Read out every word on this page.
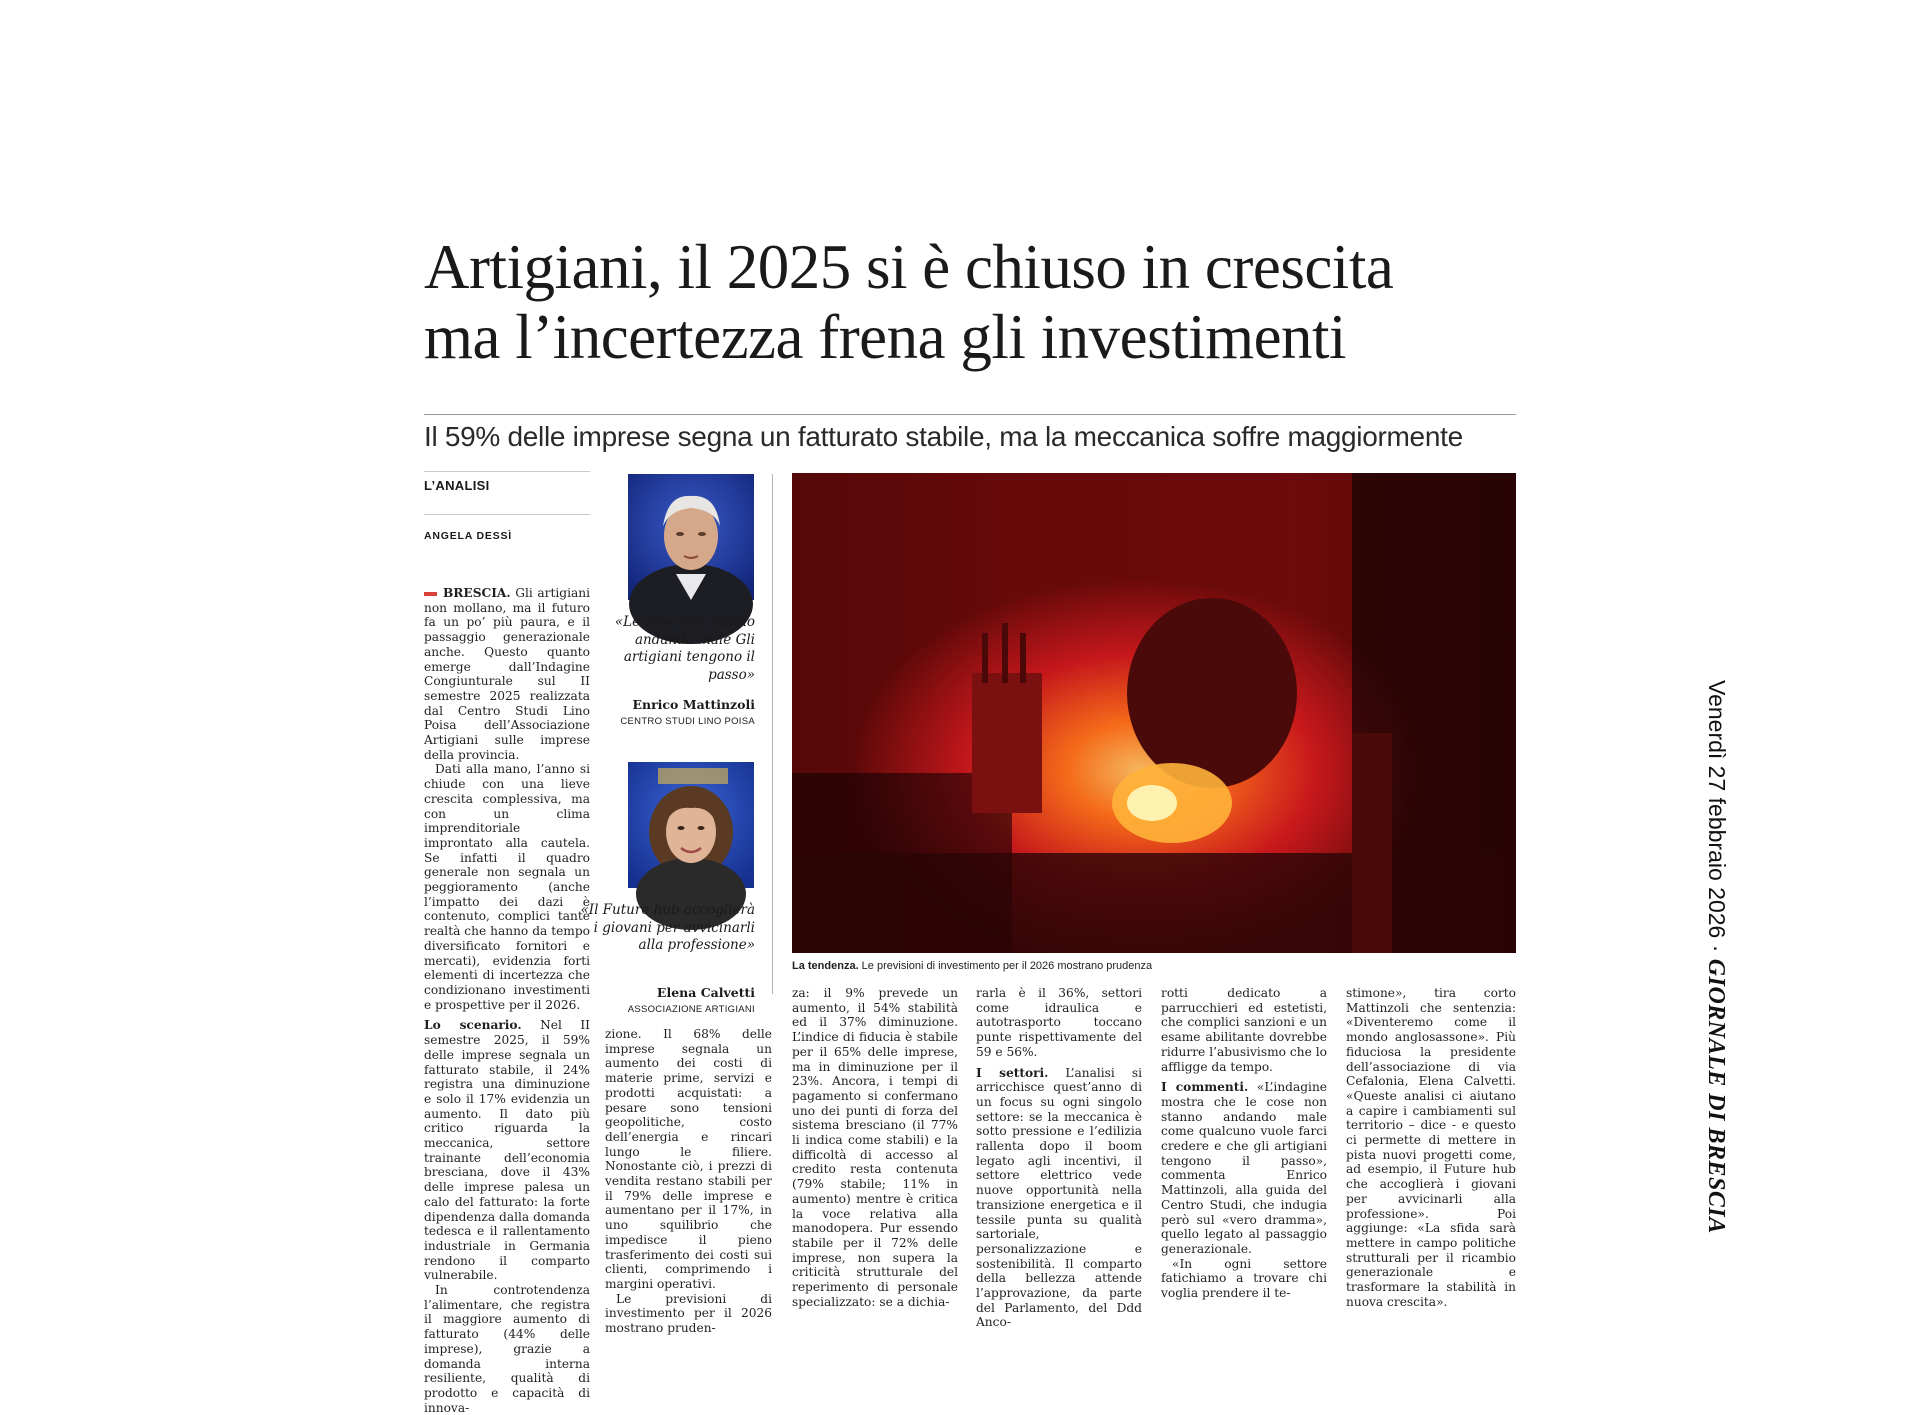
Artigiani, il 2025 si è chiuso in crescita
ma l’incertezza frena gli investimenti
Il 59% delle imprese segna un fatturato stabile, ma la meccanica soffre maggiormente
L’ANALISI
ANGELA DESSÌ

BRESCIA. Gli artigiani non mollano, ma il futuro fa un po’ più paura, e il passaggio generazionale anche. Questo quanto emerge dall’Indagine Congiunturale sul II semestre 2025 realizzata dal Centro Studi Lino Poisa dell’Associazione Artigiani sulle imprese della provincia.

Dati alla mano, l’anno si chiude con una lieve crescita complessiva, ma con un clima imprenditoriale improntato alla cautela. Se infatti il quadro generale non segnala un peggioramento (anche l’impatto dei dazi è contenuto, complici tante realtà che hanno da tempo diversificato fornitori e mercati), evidenzia forti elementi di incertezza che condizionano investimenti e prospettive per il 2026.

Lo scenario. Nel II semestre 2025, il 59% delle imprese segnala un fatturato stabile, il 24% registra una diminuzione e solo il 17% evidenzia un aumento. Il dato più critico riguarda la meccanica, settore trainante dell’economia bresciana, dove il 43% delle imprese palesa un calo del fatturato: la forte dipendenza dalla domanda tedesca e il rallentamento industriale in Germania rendono il comparto vulnerabile.

In controtendenza l’alimentare, che registra il maggiore aumento di fatturato (44% delle imprese), grazie a domanda interna resiliente, qualità di prodotto e capacità di innova-

«Le cose non stanno andando male Gli artigiani tengono il passo»
Enrico Mattinzoli
CENTRO STUDI LINO POISA
«Il Future hub accoglierà i giovani per avvicinarli alla professione»
Elena Calvetti
ASSOCIAZIONE ARTIGIANI
La tendenza. Le previsioni di investimento per il 2026 mostrano prudenza

zione. Il 68% delle imprese segnala un aumento dei costi di materie prime, servizi e prodotti acquistati: a pesare sono tensioni geopolitiche, costo dell’energia e rincari lungo le filiere. Nonostante ciò, i prezzi di vendita restano stabili per il 79% delle imprese e aumentano per il 17%, in uno squilibrio che impedisce il pieno trasferimento dei costi sui clienti, comprimendo i margini operativi.

Le previsioni di investimento per il 2026 mostrano pruden-

za: il 9% prevede un aumento, il 54% stabilità ed il 37% diminuzione. L’indice di fiducia è stabile per il 65% delle imprese, ma in diminuzione per il 23%. Ancora, i tempi di pagamento si confermano uno dei punti di forza del sistema bresciano (il 77% li indica come stabili) e la difficoltà di accesso al credito resta contenuta (79% stabile; 11% in aumento) mentre è critica la voce relativa alla manodopera. Pur essendo stabile per il 72% delle imprese, non supera la criticità strutturale del reperimento di personale specializzato: se a dichia-

rarla è il 36%, settori come idraulica e autotrasporto toccano punte rispettivamente del 59 e 56%.

I settori. L’analisi si arricchisce quest’anno di un focus su ogni singolo settore: se la meccanica è sotto pressione e l’edilizia rallenta dopo il boom legato agli incentivi, il settore elettrico vede nuove opportunità nella transizione energetica e il tessile punta su qualità sartoriale, personalizzazione e sostenibilità. Il comparto della bellezza attende l’approvazione, da parte del Parlamento, del Ddd Anco-

rotti dedicato a parrucchieri ed estetisti, che complici sanzioni e un esame abilitante dovrebbe ridurre l’abusivismo che lo affligge da tempo.

I commenti. «L’indagine mostra che le cose non stanno andando male come qualcuno vuole farci credere e che gli artigiani tengono il passo», commenta Enrico Mattinzoli, alla guida del Centro Studi, che indugia però sul «vero dramma», quello legato al passaggio generazionale.

«In ogni settore fatichiamo a trovare chi voglia prendere il te-

stimone», tira corto Mattinzoli che sentenzia: «Diventeremo come il mondo anglosassone». Più fiduciosa la presidente dell’associazione di via Cefalonia, Elena Calvetti. «Queste analisi ci aiutano a capire i cambiamenti sul territorio – dice - e questo ci permette di mettere in pista nuovi progetti come, ad esempio, il Future hub che accoglierà i giovani per avvicinarli alla professione». Poi aggiunge: «La sfida sarà mettere in campo politiche strutturali per il ricambio generazionale e trasformare la stabilità in nuova crescita».

Venerdì 27 febbraio 2026 · GIORNALE DI BRESCIA
